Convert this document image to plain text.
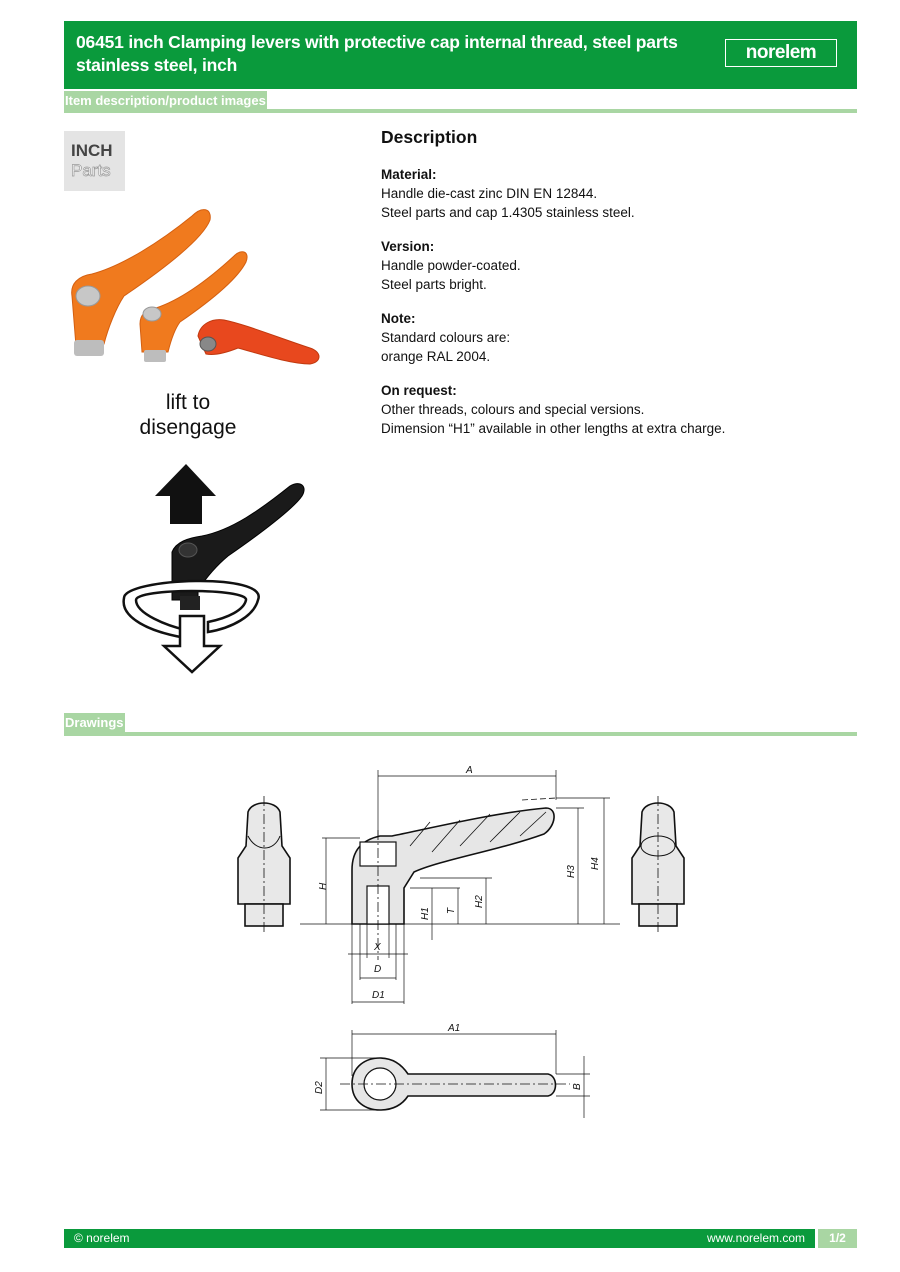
06451 inch Clamping levers with protective cap internal thread, steel parts
stainless steel, inch
norelem
Item description/product images
INCH
Parts
lift to
disengage
Description
Material:
Handle die-cast zinc DIN EN 12844.
Steel parts and cap 1.4305 stainless steel.
Version:
Handle powder-coated.
Steel parts bright.
Note:
Standard colours are:
orange RAL 2004.
On request:
Other threads, colours and special versions.
Dimension “H1” available in other lengths at extra charge.
Drawings
A
H
H1 T
H2
H3
H4
X
D
D1
A1
D2	B
© norelem	www.norelem.com	1/2
